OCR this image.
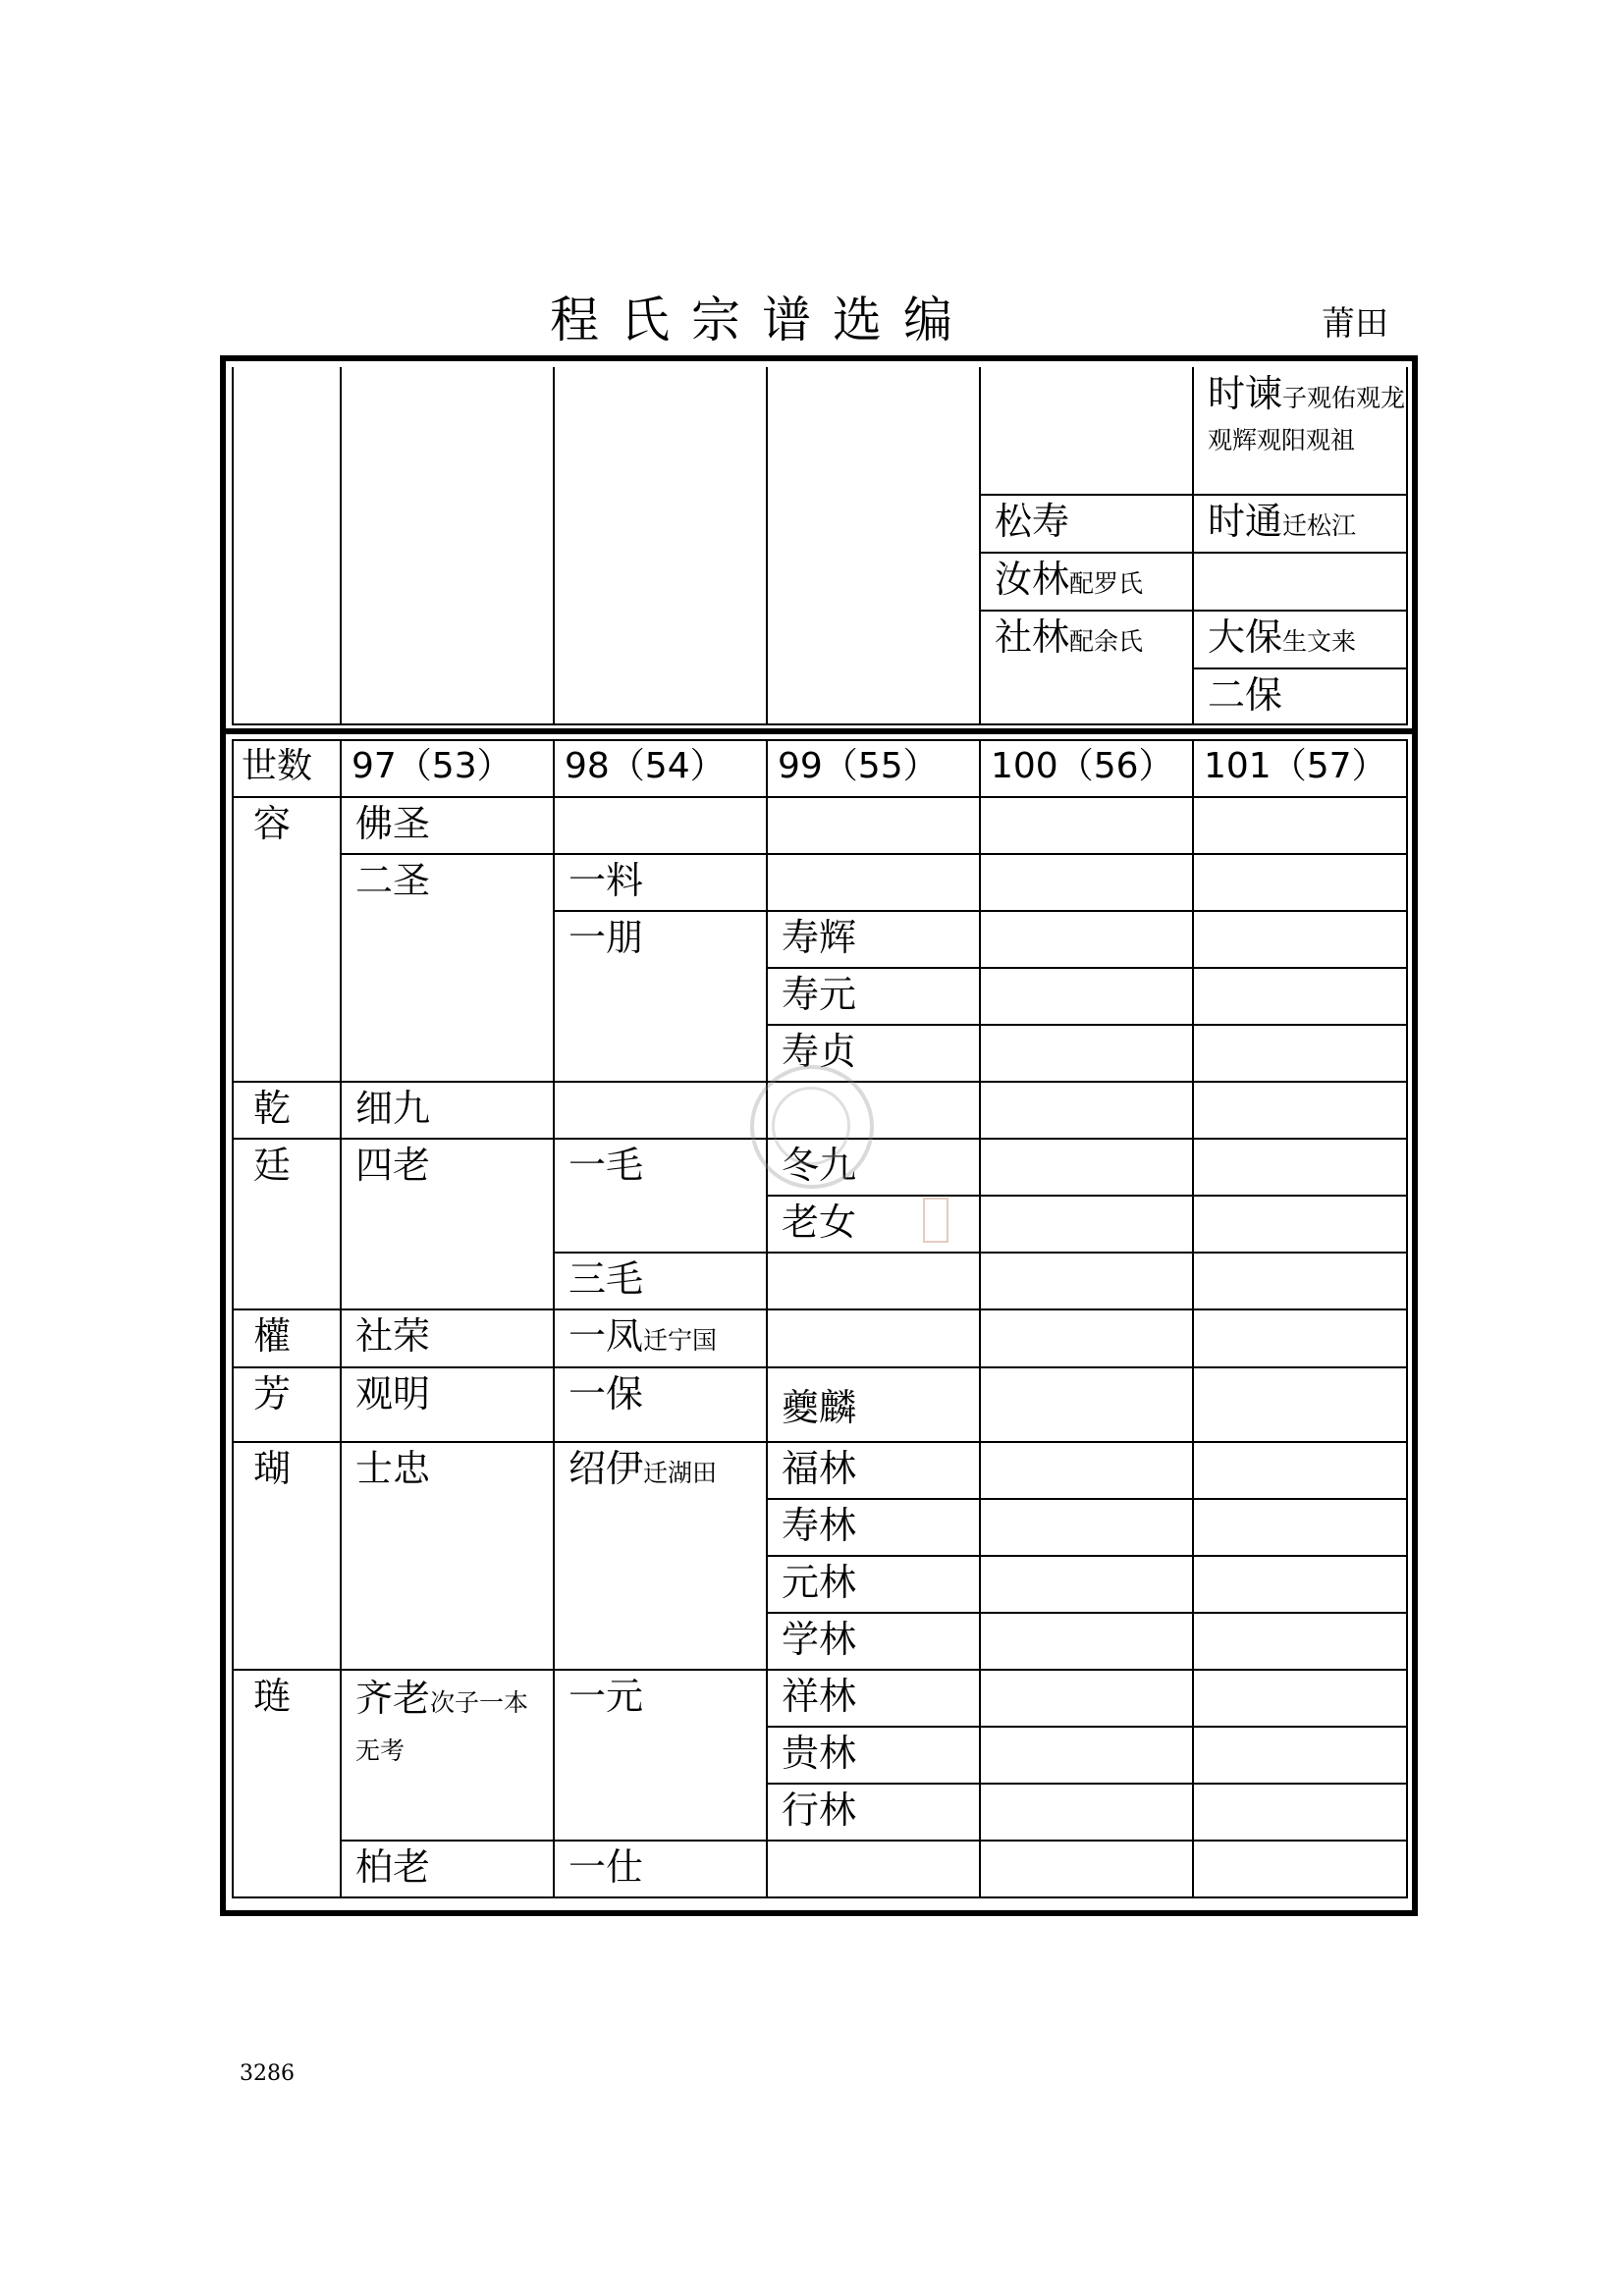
程氏宗谱选编	莆田
					时谏子观佑观龙观辉观阳观祖
				松寿	时通迁松江
				汝林配罗氏	
				社林配余氏	大保生文来
					二保
世数	97（53）	98（54）	99（55）	100（56）	101（57）
容	佛圣				
	二圣	一料			
		一朋	寿辉		
			寿元		
			寿贞		
乾	细九				
廷	四老	一毛	冬九		
			老女		
		三毛			
權	社荣	一凤迁宁国			
芳	观明	一保	夔麟		
瑚	士忠	绍伊迁湖田	福林		
			寿林		
			元林		
			学林		
琏	齐老次子一本无考	一元	祥林		
			贵林		
			行林		
	柏老	一仕			
3286
